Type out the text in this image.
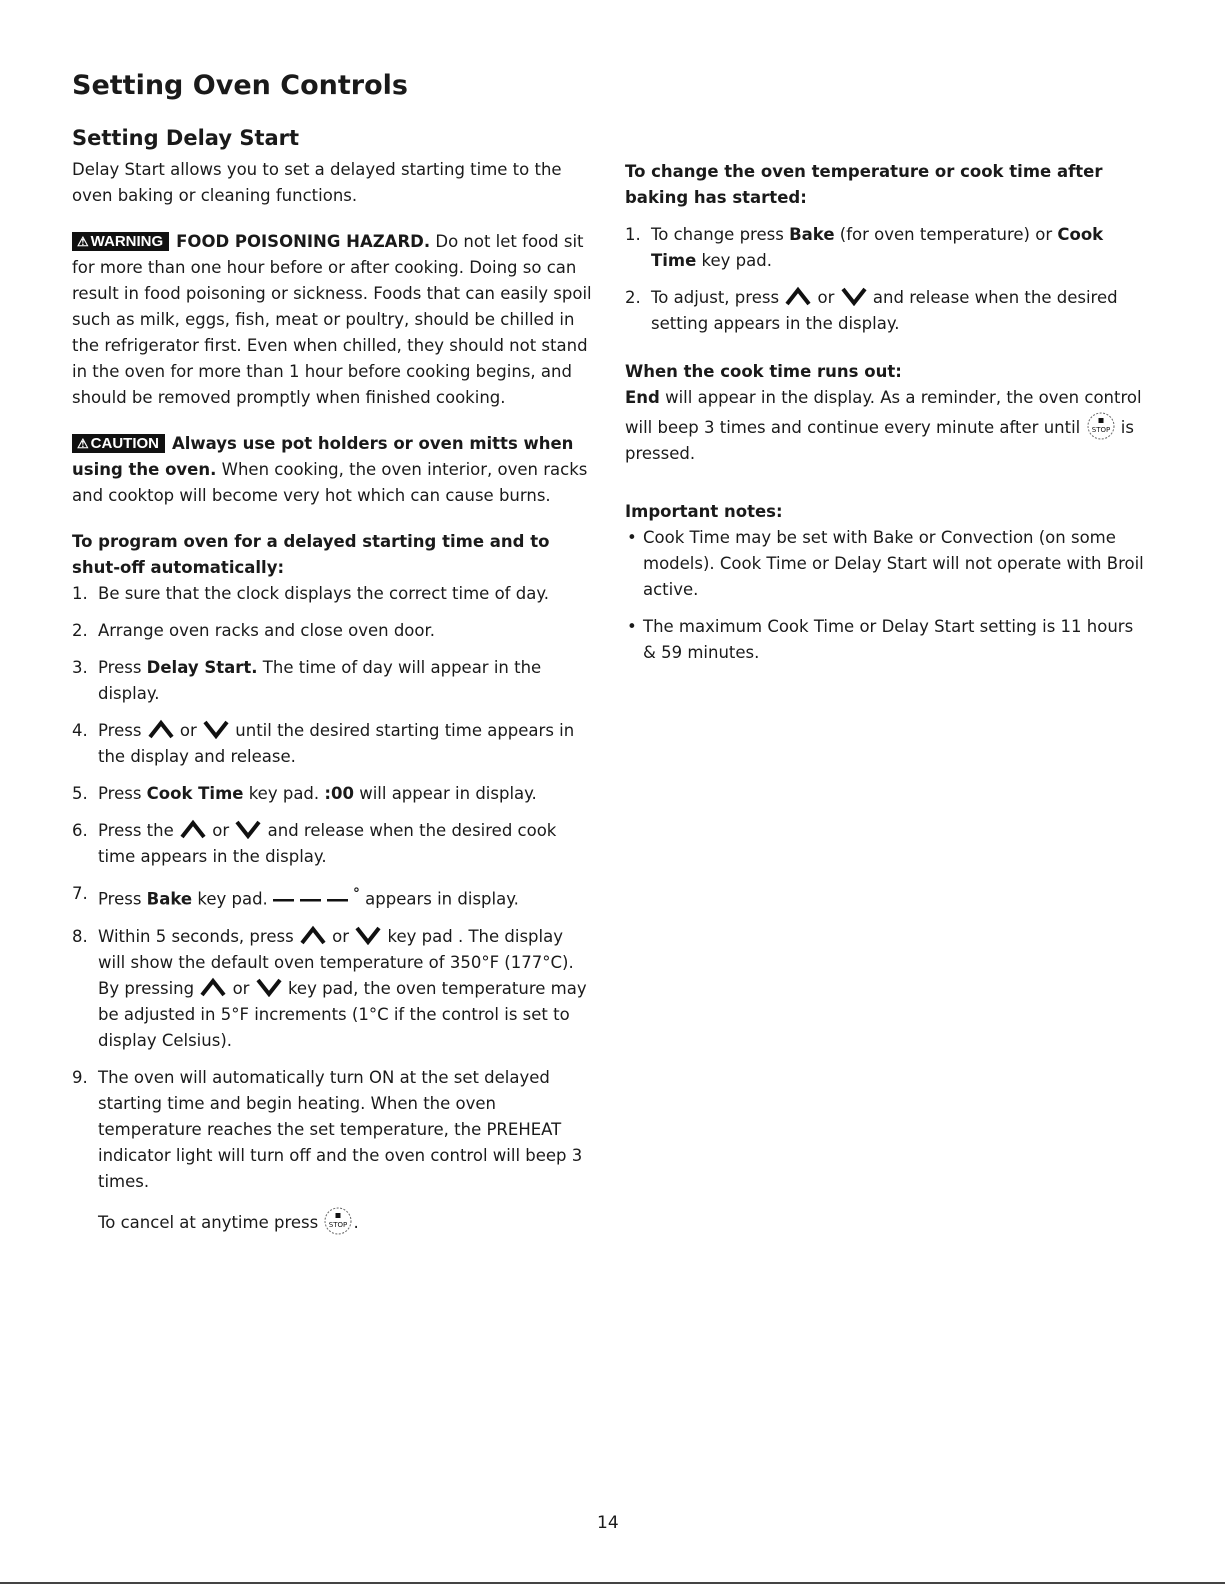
Setting Oven Controls
Setting Delay Start

Delay Start allows you to set a delayed starting time to the oven baking or cleaning functions.

⚠ WARNING FOOD POISONING HAZARD. Do not let food sit for more than one hour before or after cooking. Doing so can result in food poisoning or sickness. Foods that can easily spoil such as milk, eggs, fish, meat or poultry, should be chilled in the refrigerator first. Even when chilled, they should not stand in the oven for more than 1 hour before cooking begins, and should be removed promptly when finished cooking.

⚠ CAUTION Always use pot holders or oven mitts when using the oven. When cooking, the oven interior, oven racks and cooktop will become very hot which can cause burns.

To program oven for a delayed starting time and to shut-off automatically:

1. Be sure that the clock displays the correct time of day.
2. Arrange oven racks and close oven door.
3. Press Delay Start. The time of day will appear in the display.
4. Press  or  until the desired starting time appears in the display and release.
5. Press Cook Time key pad. :00 will appear in display.
6. Press the  or  and release when the desired cook time appears in the display.
7. Press Bake key pad.	° appears in display.
8. Within 5 seconds, press  or  key pad . The display will show the default oven temperature of 350°F (177°C). By pressing  or  key pad, the oven temperature may be adjusted in 5°F increments (1°C if the control is set to display Celsius).
9. The oven will automatically turn ON at the set delayed starting time and begin heating. When the oven temperature reaches the set temperature, the PREHEAT indicator light will turn off and the oven control will beep 3 times.

To cancel at anytime press STOP .

To change the oven temperature or cook time after baking has started:

1. To change press Bake (for oven temperature) or Cook Time key pad.
2. To adjust, press  or  and release when the desired setting appears in the display.

When the cook time runs out:

End will appear in the display. As a reminder, the oven control will beep 3 times and continue every minute after until STOP is pressed.

Important notes:

• Cook Time may be set with Bake or Convection (on some models). Cook Time or Delay Start will not operate with Broil active.
• The maximum Cook Time or Delay Start setting is 11 hours & 59 minutes.
14
